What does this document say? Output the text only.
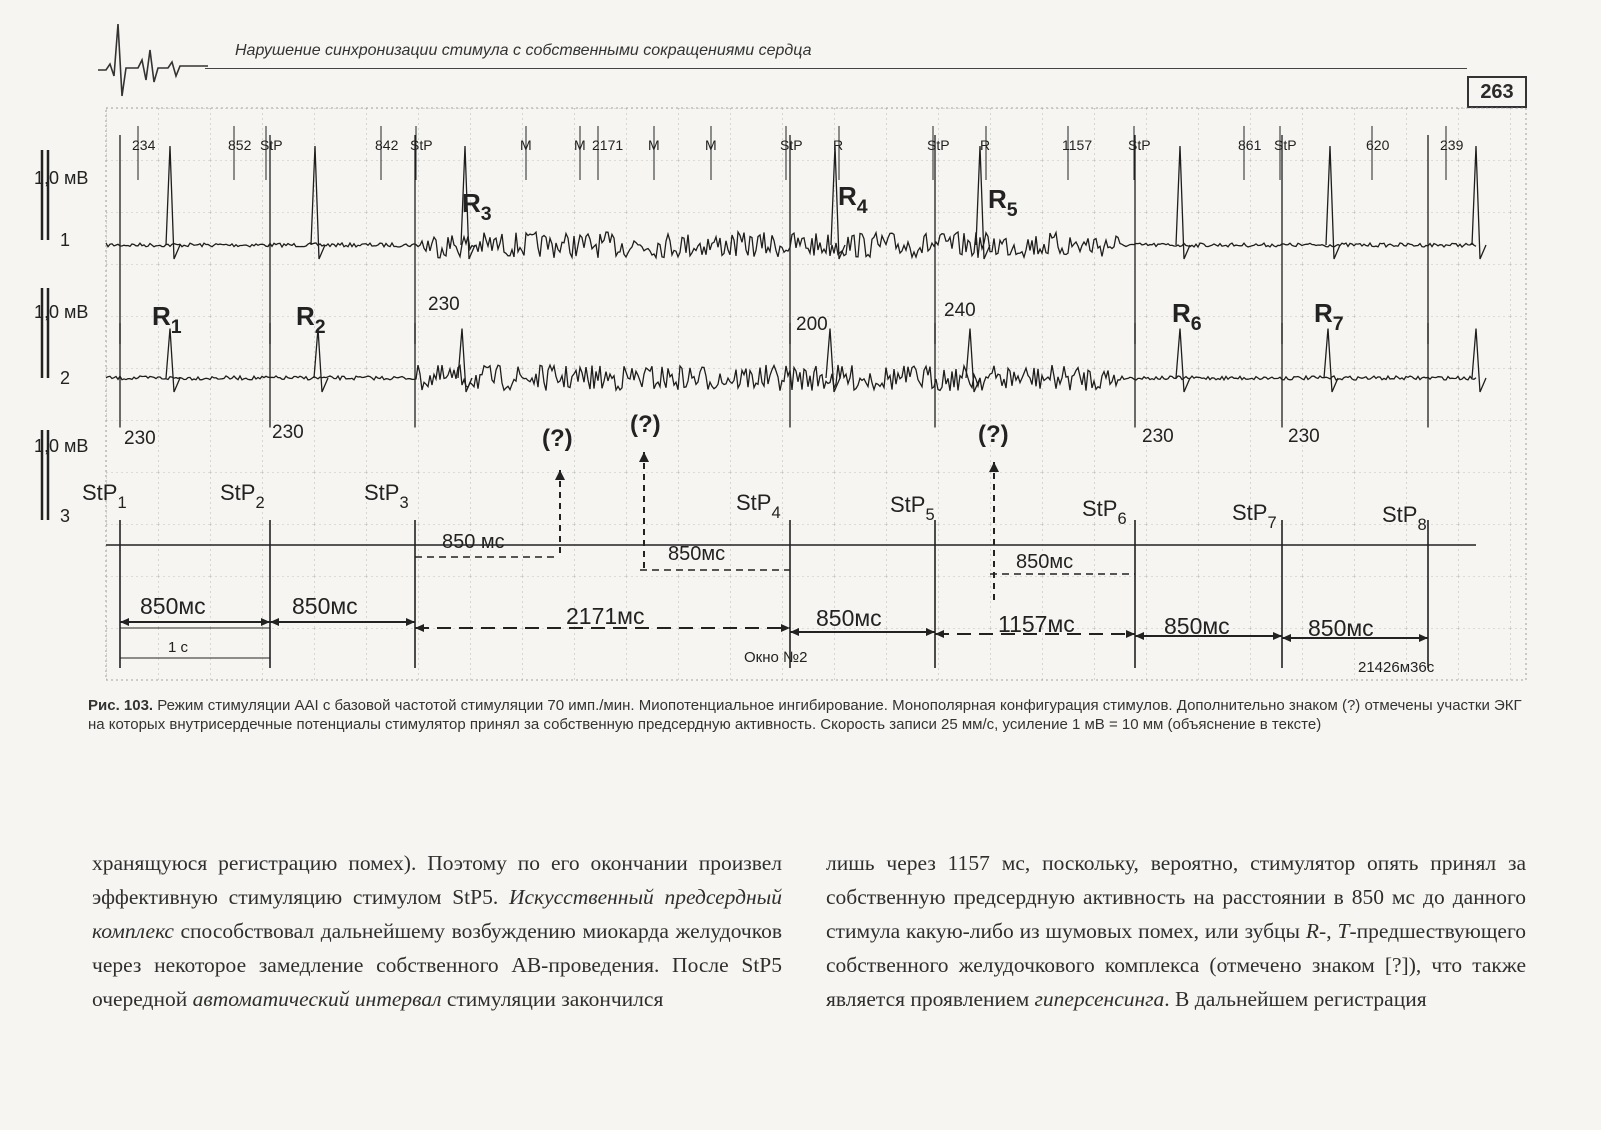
Нарушение синхронизации стимула с собственными сокращениями сердца
263
1,0 мВ
1
1,0 мВ
2
1,0 мВ
3
234	852 StP	842 StP	M	M 2171 M	M	StP R	StP R	1157	StP	861 StP	620	239
$R_1$	$R_2$
$R_3$
$R_4$	$R_5$
$R_6$	$R_7$
230
200
240
230	230	230	230
(?)
(?)	(?)
StP$_1$	StP$_2$	StP$_3$	StP$_4$	StP$_5$	StP$_6$	StP$_7$	StP$_8$
850 мс
850мс	850мс
850мс	850мс	2171мс	850мс	1157мс	850мс	850мс
1 с
Окно №2
21426м36с
Рис. 103. Режим стимуляции AAI с базовой частотой стимуляции 70 имп./мин. Миопотенциальное ингибирование. Монополярная конфигурация стимулов. Дополнительно знаком (?) отмечены участки ЭКГ на которых внутрисердечные потенциалы стимулятор принял за собственную предсердную активность. Скорость записи 25 мм/с, усиление 1 мВ = 10 мм (объяснение в тексте)

хранящуюся регистрацию помех). Поэтому по его окончании произвел эффективную стимуляцию стимулом StP5. Искусственный предсердный комплекс способствовал дальнейшему возбуждению миокарда желудочков через некоторое замедление собственного АВ-проведения. После StP5 очередной автоматический интервал стимуляции закончился

лишь через 1157 мс, поскольку, вероятно, стимулятор опять принял за собственную предсердную активность на расстоянии в 850 мс до данного стимула какую-либо из шумовых помех, или зубцы R-, T-предшествующего собственного желудочкового комплекса (отмечено знаком [?]), что также является проявлением гиперсенсинга. В дальнейшем регистрация
